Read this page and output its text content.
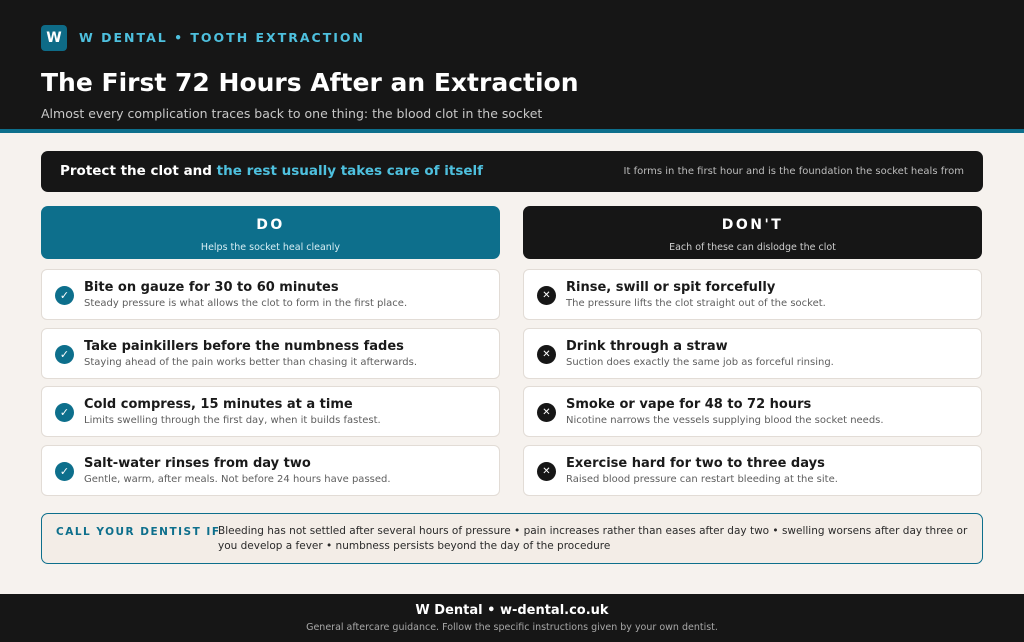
W	W DENTAL • TOOTH EXTRACTION
The First 72 Hours After an Extraction

Almost every complication traces back to one thing: the blood clot in the socket

Protect the clot and the rest usually takes care of itself	It forms in the first hour and is the foundation the socket heals from
DO
Helps the socket heal cleanly
DON'T
Each of these can dislodge the clot
✓
Bite on gauze for 30 to 60 minutes
Steady pressure is what allows the clot to form in the first place.
✓
Take painkillers before the numbness fades
Staying ahead of the pain works better than chasing it afterwards.
✓
Cold compress, 15 minutes at a time
Limits swelling through the first day, when it builds fastest.
✓
Salt-water rinses from day two
Gentle, warm, after meals. Not before 24 hours have passed.
✕	Rinse, swill or spit forcefully
The pressure lifts the clot straight out of the socket.
✕	Drink through a straw
Suction does exactly the same job as forceful rinsing.
✕	Smoke or vape for 48 to 72 hours
Nicotine narrows the vessels supplying blood the socket needs.
✕	Exercise hard for two to three days
Raised blood pressure can restart bleeding at the site.
CALL YOUR DENTIST IF
Bleeding has not settled after several hours of pressure • pain increases rather than eases after day two • swelling worsens after day three or you develop a fever • numbness persists beyond the day of the procedure
W Dental • w-dental.co.uk
General aftercare guidance. Follow the specific instructions given by your own dentist.
